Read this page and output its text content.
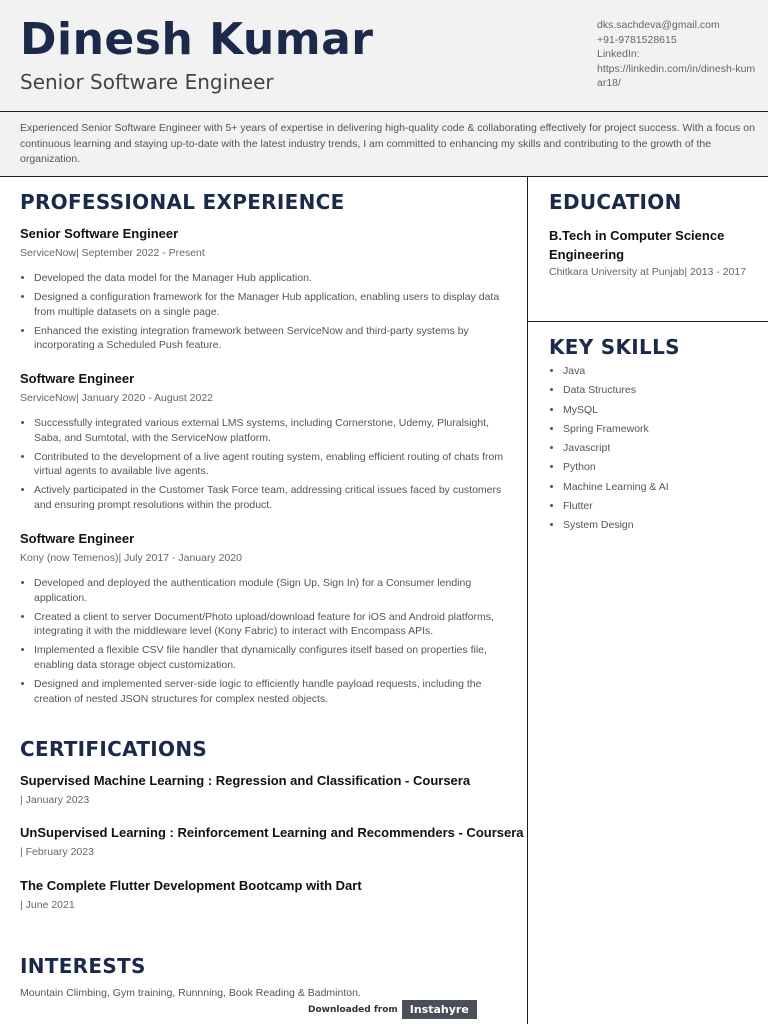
Dinesh Kumar
Senior Software Engineer
dks.sachdeva@gmail.com
+91-9781528615
LinkedIn:
https://linkedin.com/in/dinesh-kumar18/
Experienced Senior Software Engineer with 5+ years of expertise in delivering high-quality code & collaborating effectively for project success. With a focus on continuous learning and staying up-to-date with the latest industry trends, I am committed to enhancing my skills and contributing to the growth of the organization.
PROFESSIONAL EXPERIENCE
Senior Software Engineer
ServiceNow| September 2022 - Present
• Developed the data model for the Manager Hub application.
• Designed a configuration framework for the Manager Hub application, enabling users to display data from multiple datasets on a single page.
• Enhanced the existing integration framework between ServiceNow and third-party systems by incorporating a Scheduled Push feature.
Software Engineer
ServiceNow| January 2020 - August 2022
• Successfully integrated various external LMS systems, including Cornerstone, Udemy, Pluralsight, Saba, and Sumtotal, with the ServiceNow platform.
• Contributed to the development of a live agent routing system, enabling efficient routing of chats from virtual agents to available live agents.
• Actively participated in the Customer Task Force team, addressing critical issues faced by customers and ensuring prompt resolutions within the product.
Software Engineer
Kony (now Temenos)| July 2017 - January 2020
• Developed and deployed the authentication module (Sign Up, Sign In) for a Consumer lending application.
• Created a client to server Document/Photo upload/download feature for iOS and Android platforms, integrating it with the middleware level (Kony Fabric) to interact with Encompass APIs.
• Implemented a flexible CSV file handler that dynamically configures itself based on properties file, enabling data storage object customization.
• Designed and implemented server-side logic to efficiently handle payload requests, including the creation of nested JSON structures for complex nested objects.
CERTIFICATIONS
Supervised Machine Learning : Regression and Classification - Coursera
| January 2023
UnSupervised Learning : Reinforcement Learning and Recommenders - Coursera
| February 2023
The Complete Flutter Development Bootcamp with Dart
| June 2021
INTERESTS
Mountain Climbing, Gym training, Runnning, Book Reading & Badminton.
EDUCATION
B.Tech in Computer Science Engineering
Chitkara University at Punjab| 2013 - 2017
KEY SKILLS
• Java
• Data Structures
• MySQL
• Spring Framework
• Javascript
• Python
• Machine Learning & AI
• Flutter
• System Design
Downloaded from	Instahyre
